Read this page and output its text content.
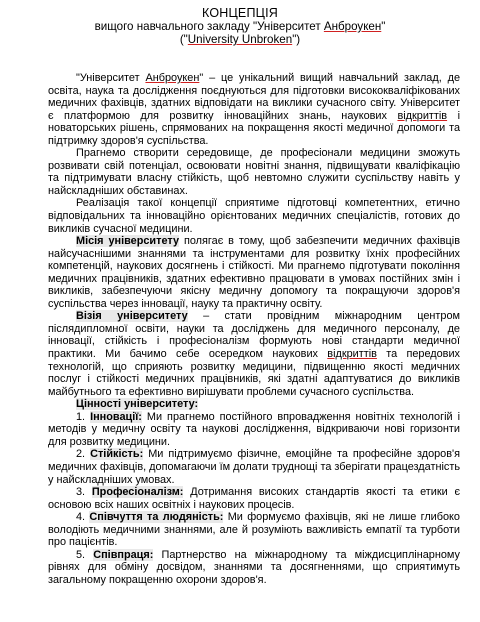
КОНЦЕПЦІЯ
вищого навчального закладу "Університет Анброукен"
("University Unbroken")

"Університет Анброукен" – це унікальний вищий навчальний заклад, де освіта, наука та дослідження поєднуються для підготовки висококваліфікованих медичних фахівців, здатних відповідати на виклики сучасного світу. Університет є платформою для розвитку інноваційних знань, наукових відкриттів і новаторських рішень, спрямованих на покращення якості медичної допомоги та підтримку здоров'я суспільства.

Прагнемо створити середовище, де професіонали медицини зможуть розвивати свій потенціал, освоювати новітні знання, підвищувати кваліфікацію та підтримувати власну стійкість, щоб невтомно служити суспільству навіть у найскладніших обставинах.

Реалізація такої концепції сприятиме підготовці компетентних, етично відповідальних та інноваційно орієнтованих медичних спеціалістів, готових до викликів сучасної медицини.

Місія університету полягає в тому, щоб забезпечити медичних фахівців найсучаснішими знаннями та інструментами для розвитку їхніх професійних компетенцій, наукових досягнень і стійкості. Ми прагнемо підготувати покоління медичних працівників, здатних ефективно працювати в умовах постійних змін і викликів, забезпечуючи якісну медичну допомогу та покращуючи здоров'я суспільства через інновації, науку та практичну освіту.

Візія університету – стати провідним міжнародним центром післядипломної освіти, науки та досліджень для медичного персоналу, де інновації, стійкість і професіоналізм формують нові стандарти медичної практики. Ми бачимо себе осередком наукових відкриттів та передових технологій, що сприяють розвитку медицини, підвищенню якості медичних послуг і стійкості медичних працівників, які здатні адаптуватися до викликів майбутнього та ефективно вирішувати проблеми сучасного суспільства.

Цінності університету:

1. Інновації: Ми прагнемо постійного впровадження новітніх технологій і методів у медичну освіту та наукові дослідження, відкриваючи нові горизонти для розвитку медицини.

2. Стійкість: Ми підтримуємо фізичне, емоційне та професійне здоров'я медичних фахівців, допомагаючи їм долати труднощі та зберігати працездатність у найскладніших умовах.

3. Професіоналізм: Дотримання високих стандартів якості та етики є основою всіх наших освітніх і наукових процесів.

4. Співчуття та людяність: Ми формуємо фахівців, які не лише глибоко володіють медичними знаннями, але й розуміють важливість емпатії та турботи про пацієнтів.

5. Співпраця: Партнерство на міжнародному та міждисциплінарному рівнях для обміну досвідом, знаннями та досягненнями, що сприятимуть загальному покращенню охорони здоров'я.
